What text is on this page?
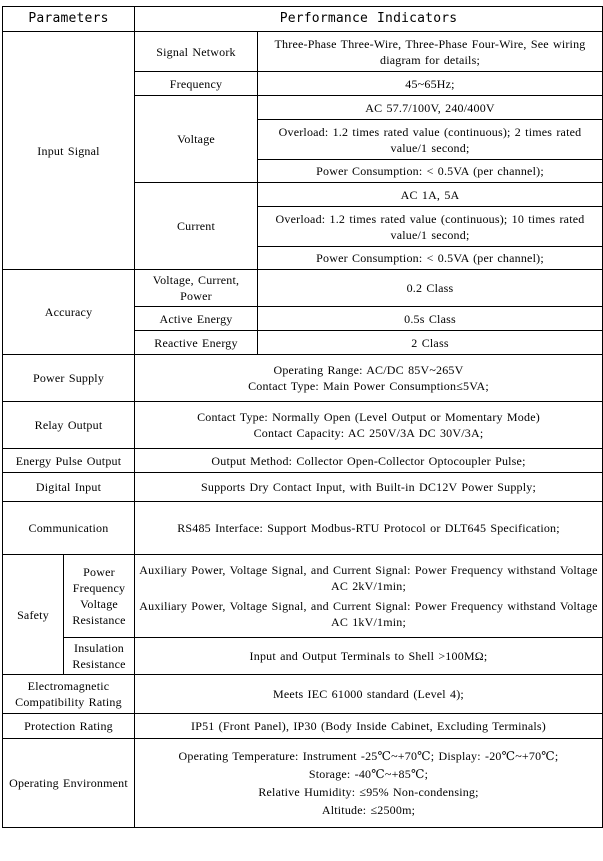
Parameters		Performance Indicators	
Input Signal		Signal Network	Three-Phase Three-Wire, Three-Phase Four-Wire, See wiring diagram for details;
		Frequency	45~65Hz;
		Voltage	AC 57.7/100V, 240/400V
			Overload: 1.2 times rated value (continuous); 2 times rated value/1 second;
			Power Consumption: < 0.5VA (per channel);
		Current	AC 1A, 5A
			Overload: 1.2 times rated value (continuous); 10 times rated value/1 second;
			Power Consumption: < 0.5VA (per channel);
Accuracy		Voltage, Current, Power	0.2 Class
		Active Energy	0.5s Class
		Reactive Energy	2 Class
Power Supply		Operating Range: AC/DC 85V~265V
Contact Type: Main Power Consumption≤5VA;	

Relay Output		Contact Type: Normally Open (Level Output or Momentary Mode)
Contact Capacity: AC 250V/3A DC 30V/3A;	

Energy Pulse Output		Output Method: Collector Open-Collector Optocoupler Pulse;	
Digital Input		Supports Dry Contact Input, with Built-in DC12V Power Supply;	
Communication		RS485 Interface: Support Modbus-RTU Protocol or DLT645 Specification;	
Safety	Power Frequency Voltage Resistance	Auxiliary Power, Voltage Signal, and Current Signal: Power Frequency withstand Voltage AC 2kV/1min;
Auxiliary Power, Voltage Signal, and Current Signal: Power Frequency withstand Voltage AC 1kV/1min;	

	Insulation Resistance	Input and Output Terminals to Shell >100MΩ;	
Electromagnetic Compatibility Rating		Meets IEC 61000 standard (Level 4);	
Protection Rating		IP51 (Front Panel), IP30 (Body Inside Cabinet, Excluding Terminals)	
Operating Environment		Operating Temperature: Instrument -25℃~+70℃; Display: -20℃~+70℃;
Storage: -40℃~+85℃;
Relative Humidity: ≤95% Non-condensing;
Altitude: ≤2500m;	
